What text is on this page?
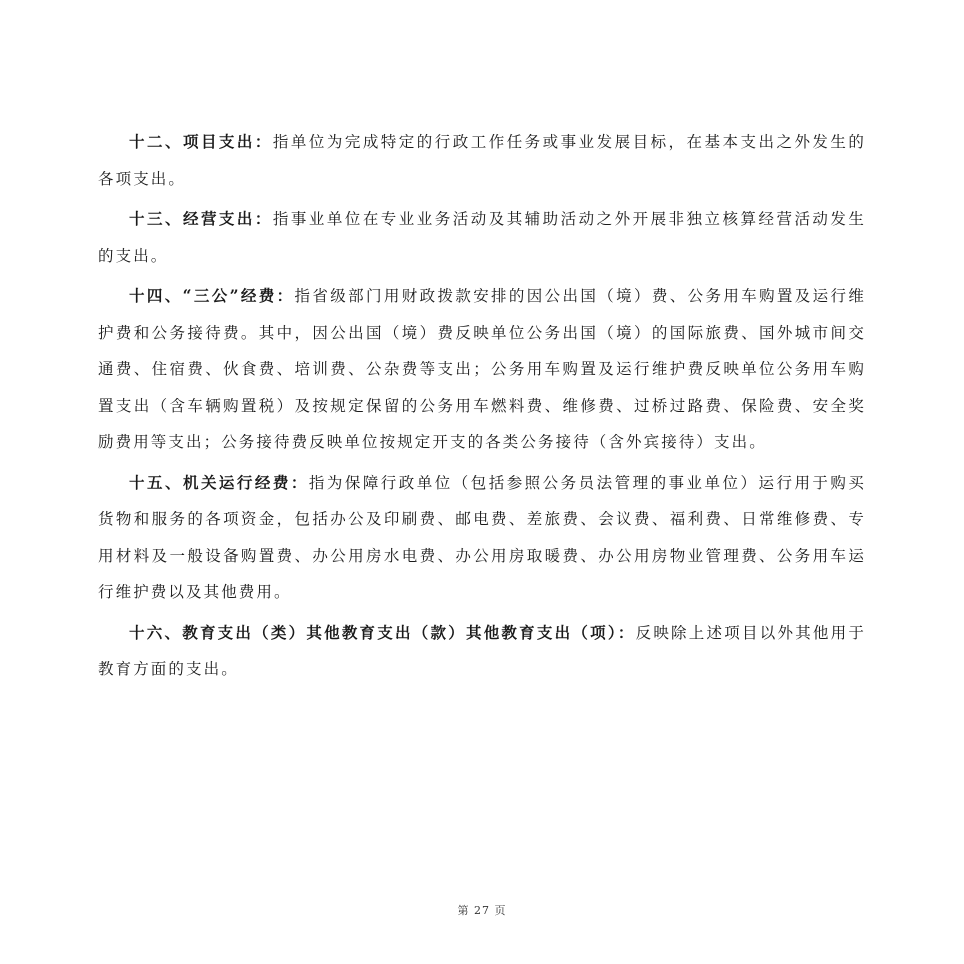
十二、项目支出：指单位为完成特定的行政工作任务或事业发展目标，在基本支出之外发生的各项支出。

十三、经营支出：指事业单位在专业业务活动及其辅助活动之外开展非独立核算经营活动发生的支出。

十四、“三公”经费：指省级部门用财政拨款安排的因公出国（境）费、公务用车购置及运行维护费和公务接待费。其中，因公出国（境）费反映单位公务出国（境）的国际旅费、国外城市间交通费、住宿费、伙食费、培训费、公杂费等支出；公务用车购置及运行维护费反映单位公务用车购置支出（含车辆购置税）及按规定保留的公务用车燃料费、维修费、过桥过路费、保险费、安全奖励费用等支出；公务接待费反映单位按规定开支的各类公务接待（含外宾接待）支出。

十五、机关运行经费：指为保障行政单位（包括参照公务员法管理的事业单位）运行用于购买货物和服务的各项资金，包括办公及印刷费、邮电费、差旅费、会议费、福利费、日常维修费、专用材料及一般设备购置费、办公用房水电费、办公用房取暖费、办公用房物业管理费、公务用车运行维护费以及其他费用。

十六、教育支出（类）其他教育支出（款）其他教育支出（项）：反映除上述项目以外其他用于教育方面的支出。

第 27 页
